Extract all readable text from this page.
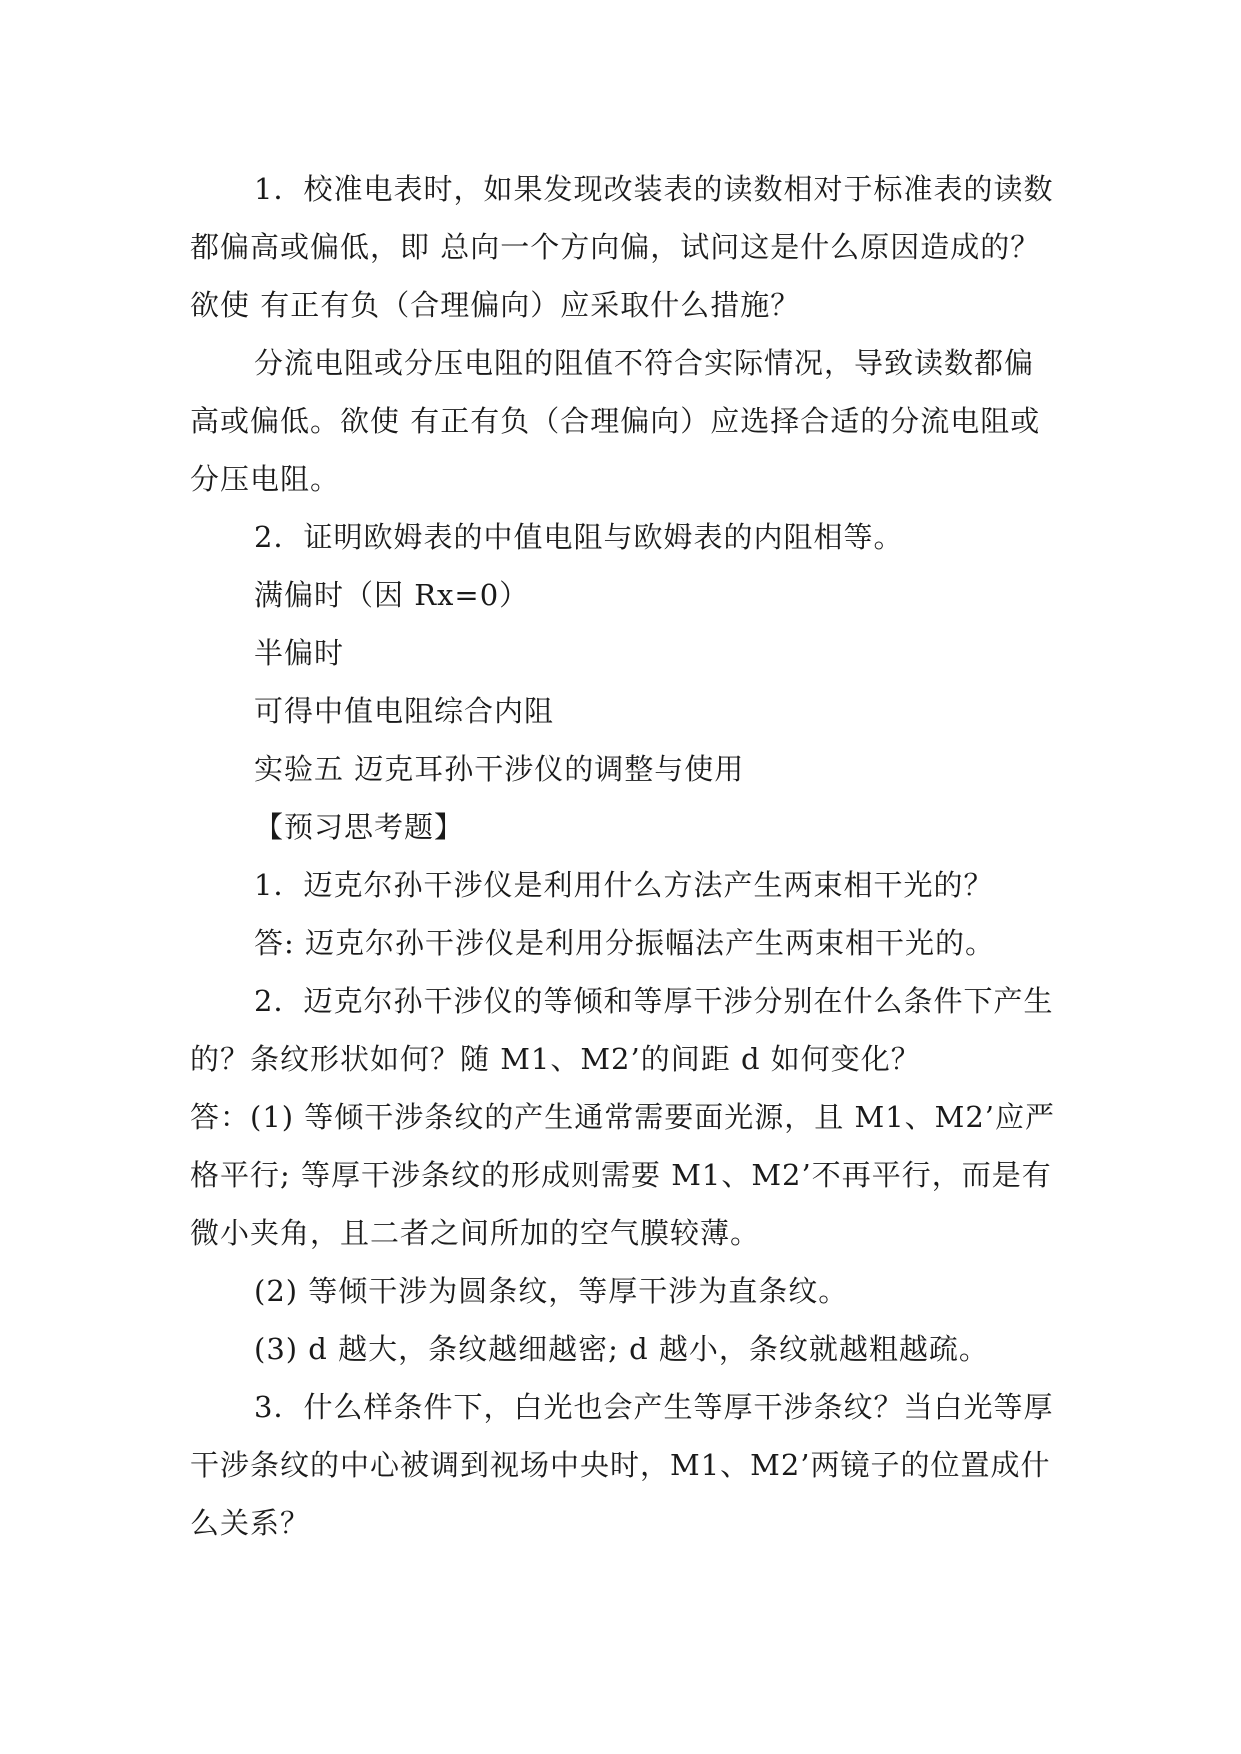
1．校准电表时，如果发现改装表的读数相对于标准表的读数都偏高或偏低，即 总向一个方向偏，试问这是什么原因造成的？欲使 有正有负（合理偏向）应采取什么措施？

分流电阻或分压电阻的阻值不符合实际情况，导致读数都偏高或偏低。欲使 有正有负（合理偏向）应选择合适的分流电阻或分压电阻。

2．证明欧姆表的中值电阻与欧姆表的内阻相等。

满偏时（因 Rx=0）

半偏时

可得中值电阻综合内阻

实验五 迈克耳孙干涉仪的调整与使用

【预习思考题】

1．迈克尔孙干涉仪是利用什么方法产生两束相干光的？

答: 迈克尔孙干涉仪是利用分振幅法产生两束相干光的。

2．迈克尔孙干涉仪的等倾和等厚干涉分别在什么条件下产生的？条纹形状如何？随 M1、M2’的间距 d 如何变化？

答：(1) 等倾干涉条纹的产生通常需要面光源，且 M1、M2’应严格平行; 等厚干涉条纹的形成则需要 M1、M2’不再平行，而是有微小夹角，且二者之间所加的空气膜较薄。

(2) 等倾干涉为圆条纹，等厚干涉为直条纹。

(3) d 越大，条纹越细越密; d 越小，条纹就越粗越疏。

3．什么样条件下，白光也会产生等厚干涉条纹？当白光等厚干涉条纹的中心被调到视场中央时，M1、M2’两镜子的位置成什么关系？
